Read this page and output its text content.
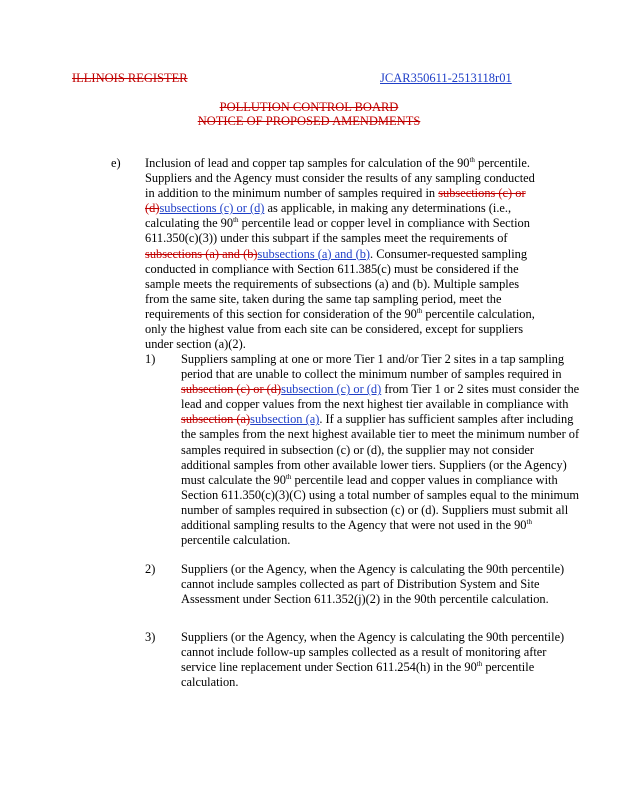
ILLINOIS REGISTER	JCAR350611-2513118r01
POLLUTION CONTROL BOARD
NOTICE OF PROPOSED AMENDMENTS
e) Inclusion of lead and copper tap samples for calculation of the 90th percentile. Suppliers and the Agency must consider the results of any sampling conducted in addition to the minimum number of samples required in subsections (c) or (d)subsections (c) or (d) as applicable, in making any determinations (i.e., calculating the 90th percentile lead or copper level in compliance with Section 611.350(c)(3)) under this subpart if the samples meet the requirements of subsections (a) and (b)subsections (a) and (b). Consumer-requested sampling conducted in compliance with Section 611.385(c) must be considered if the sample meets the requirements of subsections (a) and (b). Multiple samples from the same site, taken during the same tap sampling period, meet the requirements of this section for consideration of the 90th percentile calculation, only the highest value from each site can be considered, except for suppliers under section (a)(2).
1) Suppliers sampling at one or more Tier 1 and/or Tier 2 sites in a tap sampling period that are unable to collect the minimum number of samples required in subsection (c) or (d)subsection (c) or (d) from Tier 1 or 2 sites must consider the lead and copper values from the next highest tier available in compliance with subsection (a)subsection (a). If a supplier has sufficient samples after including the samples from the next highest available tier to meet the minimum number of samples required in subsection (c) or (d), the supplier may not consider additional samples from other available lower tiers. Suppliers (or the Agency) must calculate the 90th percentile lead and copper values in compliance with Section 611.350(c)(3)(C) using a total number of samples equal to the minimum number of samples required in subsection (c) or (d). Suppliers must submit all additional sampling results to the Agency that were not used in the 90th percentile calculation.
2) Suppliers (or the Agency, when the Agency is calculating the 90th percentile) cannot include samples collected as part of Distribution System and Site Assessment under Section 611.352(j)(2) in the 90th percentile calculation.
3) Suppliers (or the Agency, when the Agency is calculating the 90th percentile) cannot include follow-up samples collected as a result of monitoring after service line replacement under Section 611.254(h) in the 90th percentile calculation.
